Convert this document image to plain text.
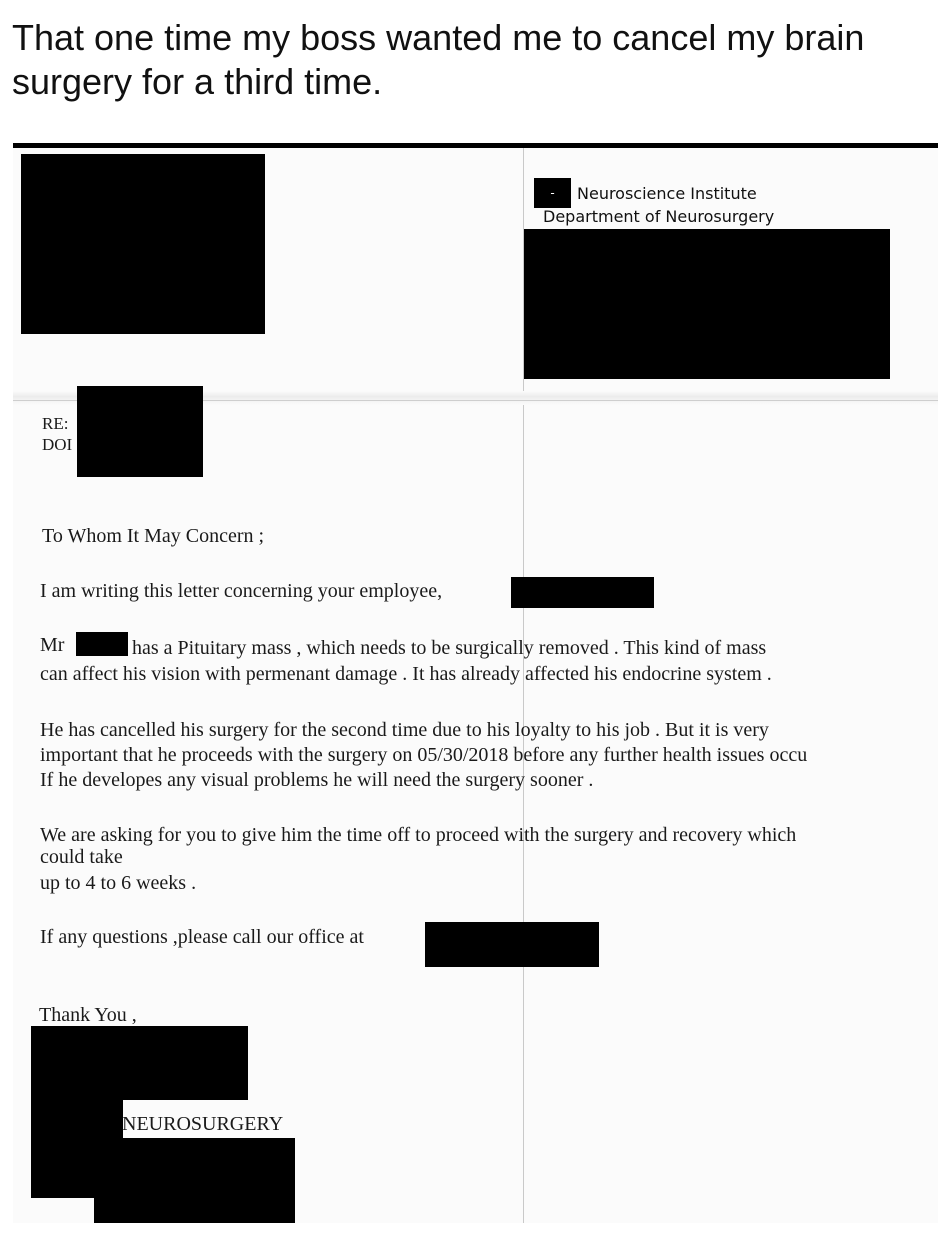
That one time my boss wanted me to cancel my brain surgery for a third time.
-	Neuroscience Institute
Department of Neurosurgery
RE:
DOI
To Whom It May Concern ;
I am writing this letter concerning your employee,
Mr	has a Pituitary mass , which needs to be surgically removed . This kind of mass
can affect his vision with permenant damage . It has already affected his endocrine system .
He has cancelled his surgery for the second time due to his loyalty to his job . But it is very
important that he proceeds with the surgery on 05/30/2018 before any further health issues occu
If he developes any visual problems he will need the surgery sooner .
We are asking for you to give him the time off to proceed with the surgery and recovery which
could take
up to 4 to 6 weeks .
If any questions ,please call our office at
Thank You ,
NEUROSURGERY
